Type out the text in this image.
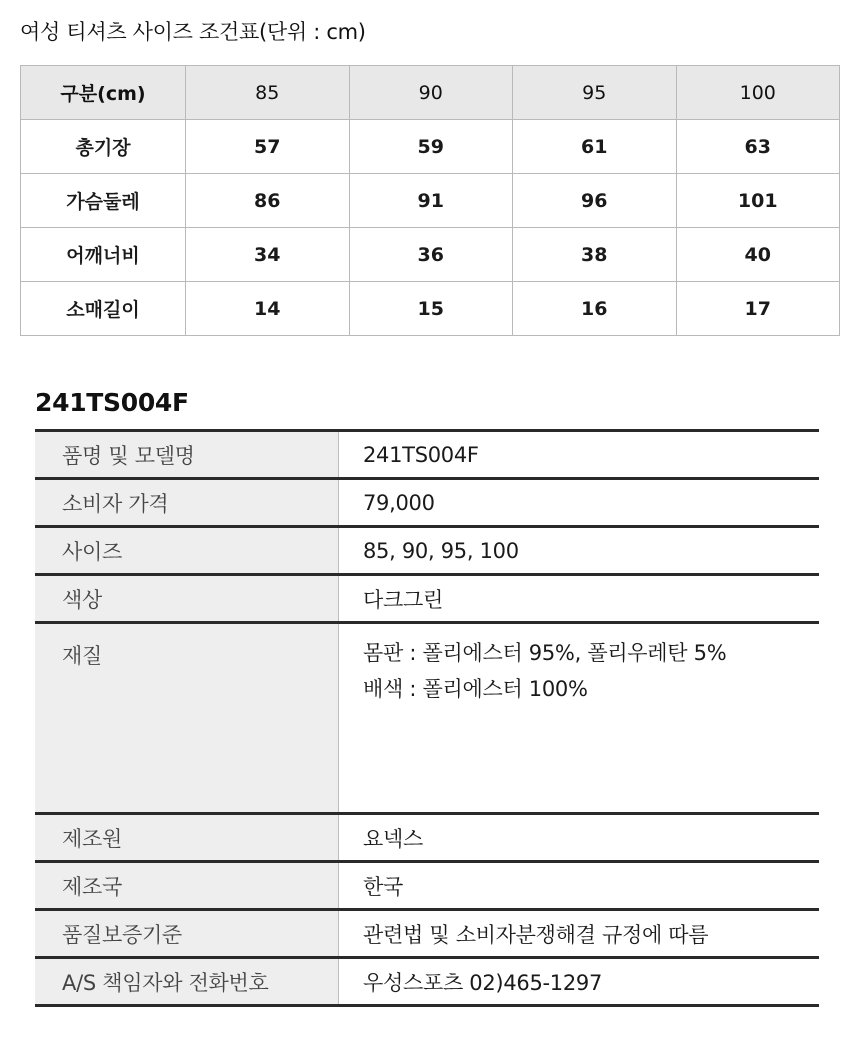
여성 티셔츠 사이즈 조건표(단위 : cm)
구분(cm)	85	90	95	100
총기장	57	59	61	63
가슴둘레	86	91	96	101
어깨너비	34	36	38	40
소매길이	14	15	16	17
241TS004F
품명 및 모델명	241TS004F
소비자 가격	79,000
사이즈	85, 90, 95, 100
색상	다크그린
재질	몸판 : 폴리에스터 95%, 폴리우레탄 5%
배색 : 폴리에스터 100%

제조원	요넥스
제조국	한국
품질보증기준	관련법 및 소비자분쟁해결 규정에 따름
A/S 책임자와 전화번호	우성스포츠 02)465-1297
